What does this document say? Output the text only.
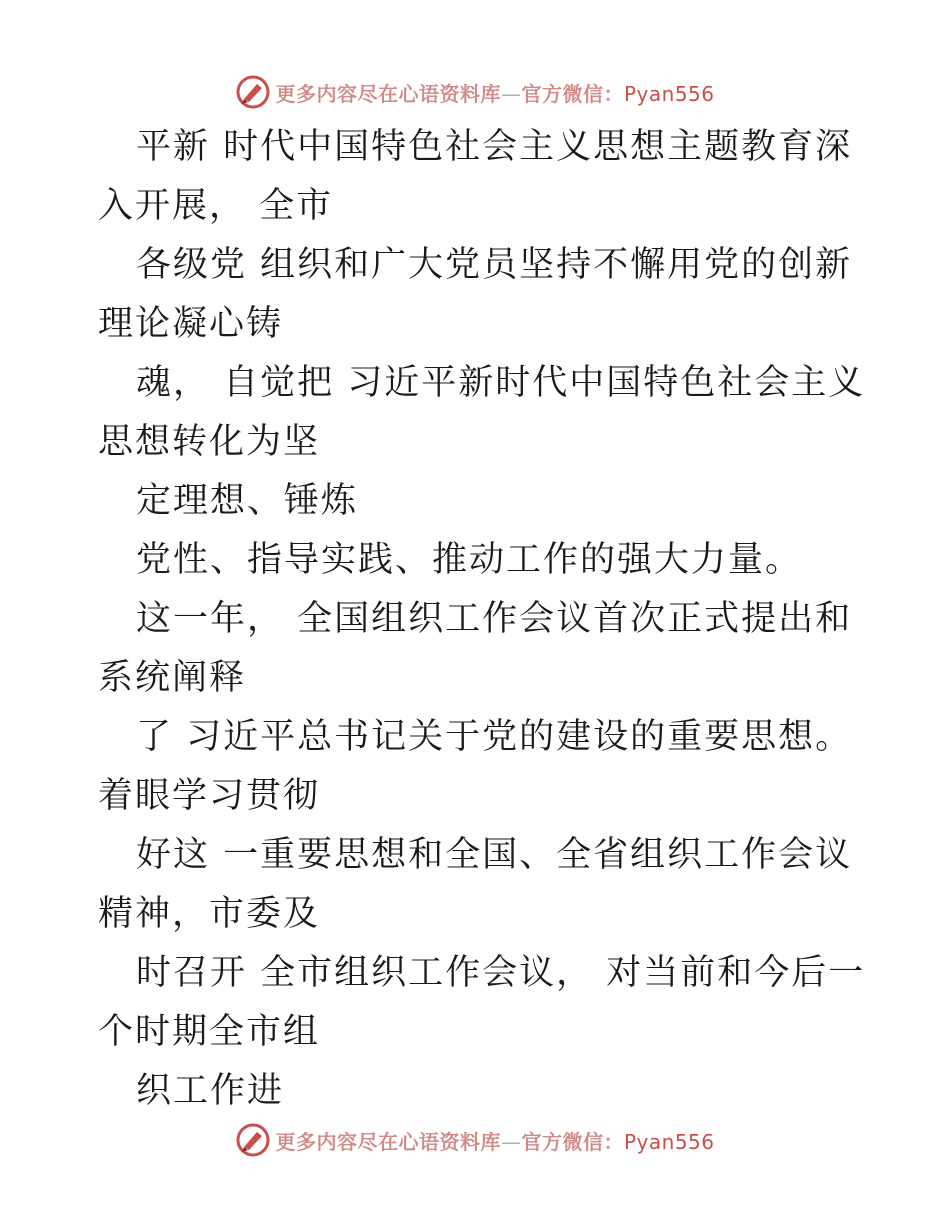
更多内容尽在心语资料库—官方微信：Pyan556

平新 时代中国特色社会主义思想主题教育深入开展， 全市

各级党 组织和广大党员坚持不懈用党的创新理论凝心铸

魂， 自觉把 习近平新时代中国特色社会主义思想转化为坚

定理想、锤炼

党性、指导实践、推动工作的强大力量。

这一年， 全国组织工作会议首次正式提出和系统阐释

了 习近平总书记关于党的建设的重要思想。着眼学习贯彻

好这 一重要思想和全国、全省组织工作会议精神，市委及

时召开 全市组织工作会议， 对当前和今后一个时期全市组

织工作进

更多内容尽在心语资料库—官方微信：Pyan556
